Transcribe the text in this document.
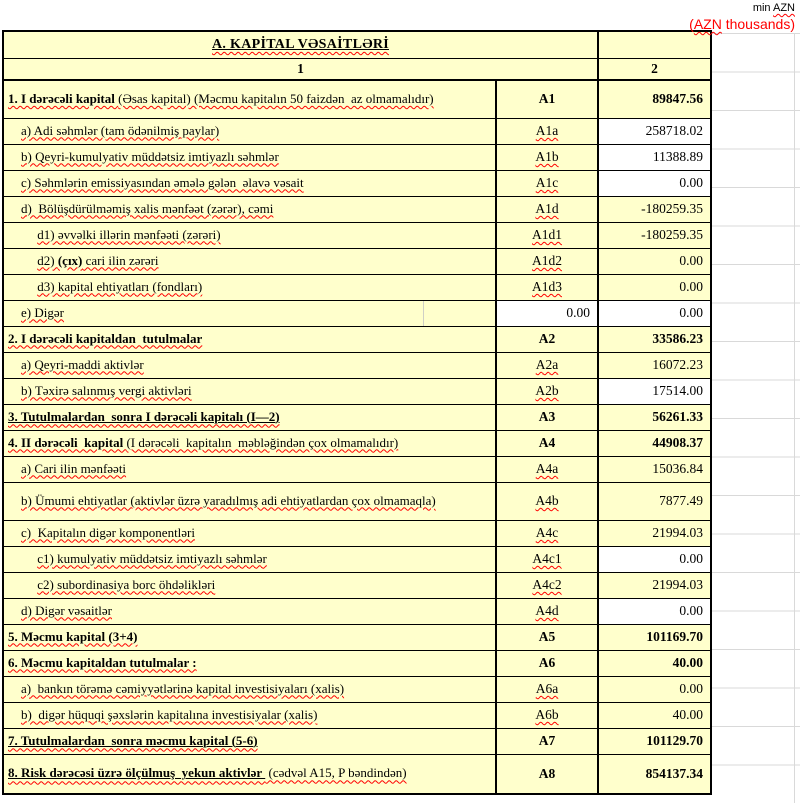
min AZN
(AZN thousands)
A. KAPİTAL VƏSAİTLƏRİ		
1		2
1. I dərəcəli kapital (Əsas kapital) (Məcmu kapitalın 50 faizdən  az olmamalıdır)	A1	89847.56
a) Adi səhmlər (tam ödənilmiş paylar)	A1a	258718.02
b) Qeyri-kumulyativ müddətsiz imtiyazlı səhmlər	A1b	11388.89
c) Səhmlərin emissiyasından əmələ gələn  əlavə vəsait	A1c	0.00
d)  Bölüşdürülməmiş xalis mənfəət (zərər), cəmi	A1d	-180259.35
d1) əvvəlki illərin mənfəəti (zərəri)	A1d1	-180259.35
d2) (çıx) cari ilin zərəri	A1d2	0.00
d3) kapital ehtiyatları (fondları)	A1d3	0.00
e) Digər	0.00	0.00
2. I dərəcəli kapitaldan  tutulmalar	A2	33586.23
a) Qeyri-maddi aktivlər	A2a	16072.23
b) Təxirə salınmış vergi aktivləri	A2b	17514.00
3. Tutulmalardan  sonra I dərəcəli kapitalı (I—2)	A3	56261.33
4. II dərəcəli  kapital (I dərəcəli  kapitalın  məbləğindən çox olmamalıdır)	A4	44908.37
a) Cari ilin mənfəəti	A4a	15036.84
b) Ümumi ehtiyatlar (aktivlər üzrə yaradılmış adi ehtiyatlardan çox olmamaqla)	A4b	7877.49
c)  Kapitalın digər komponentləri	A4c	21994.03
c1) kumulyativ müddətsiz imtiyazlı səhmlər	A4c1	0.00
c2) subordinasiya borc öhdəlikləri	A4c2	21994.03
d) Digər vəsaitlər	A4d	0.00
5. Məcmu kapital (3+4)	A5	101169.70
6. Məcmu kapitaldan tutulmalar :	A6	40.00
a)  bankın törəmə cəmiyyətlərinə kapital investisiyaları (xalis)	A6a	0.00
b)  digər hüquqi şəxslərin kapitalına investisiyalar (xalis)	A6b	40.00
7. Tutulmalardan  sonra məcmu kapital (5-6)	A7	101129.70
8. Risk dərəcəsi üzrə ölçülmuş  yekun aktivlər  (cədvəl A15, P bəndindən)	A8	854137.34
